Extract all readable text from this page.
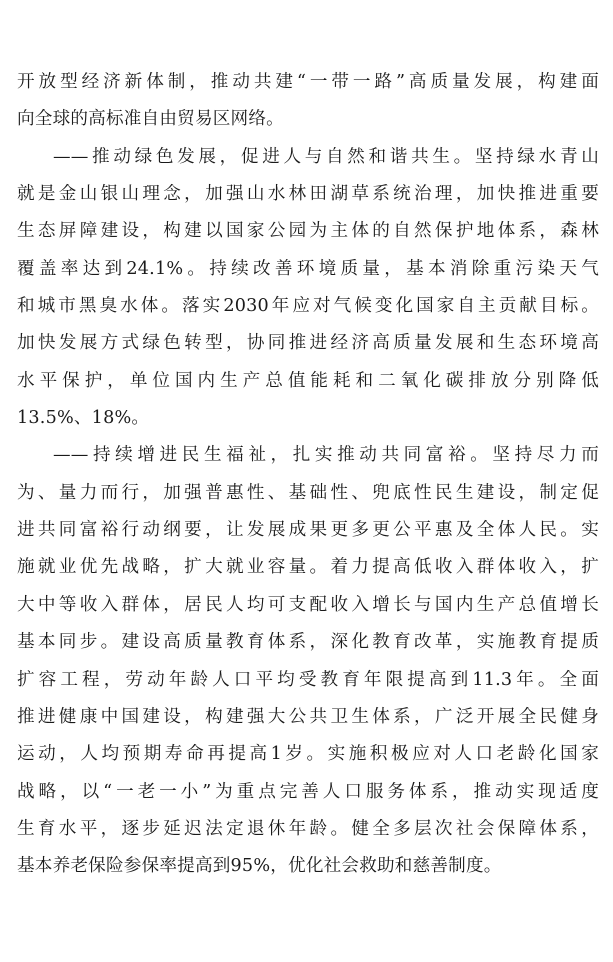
开放型经济新体制，推动共建“一带一路”高质量发展，构建面
向全球的高标准自由贸易区网络。
——推动绿色发展，促进人与自然和谐共生。坚持绿水青山
就是金山银山理念，加强山水林田湖草系统治理，加快推进重要
生态屏障建设，构建以国家公园为主体的自然保护地体系，森林
覆盖率达到24.1%。持续改善环境质量，基本消除重污染天气
和城市黑臭水体。落实2030年应对气候变化国家自主贡献目标。
加快发展方式绿色转型，协同推进经济高质量发展和生态环境高
水平保护，单位国内生产总值能耗和二氧化碳排放分别降低
13.5%、18%。
——持续增进民生福祉，扎实推动共同富裕。坚持尽力而
为、量力而行，加强普惠性、基础性、兜底性民生建设，制定促
进共同富裕行动纲要，让发展成果更多更公平惠及全体人民。实
施就业优先战略，扩大就业容量。着力提高低收入群体收入，扩
大中等收入群体，居民人均可支配收入增长与国内生产总值增长
基本同步。建设高质量教育体系，深化教育改革，实施教育提质
扩容工程，劳动年龄人口平均受教育年限提高到11.3年。全面
推进健康中国建设，构建强大公共卫生体系，广泛开展全民健身
运动，人均预期寿命再提高1岁。实施积极应对人口老龄化国家
战略，以“一老一小”为重点完善人口服务体系，推动实现适度
生育水平，逐步延迟法定退休年龄。健全多层次社会保障体系，
基本养老保险参保率提高到95%，优化社会救助和慈善制度。
